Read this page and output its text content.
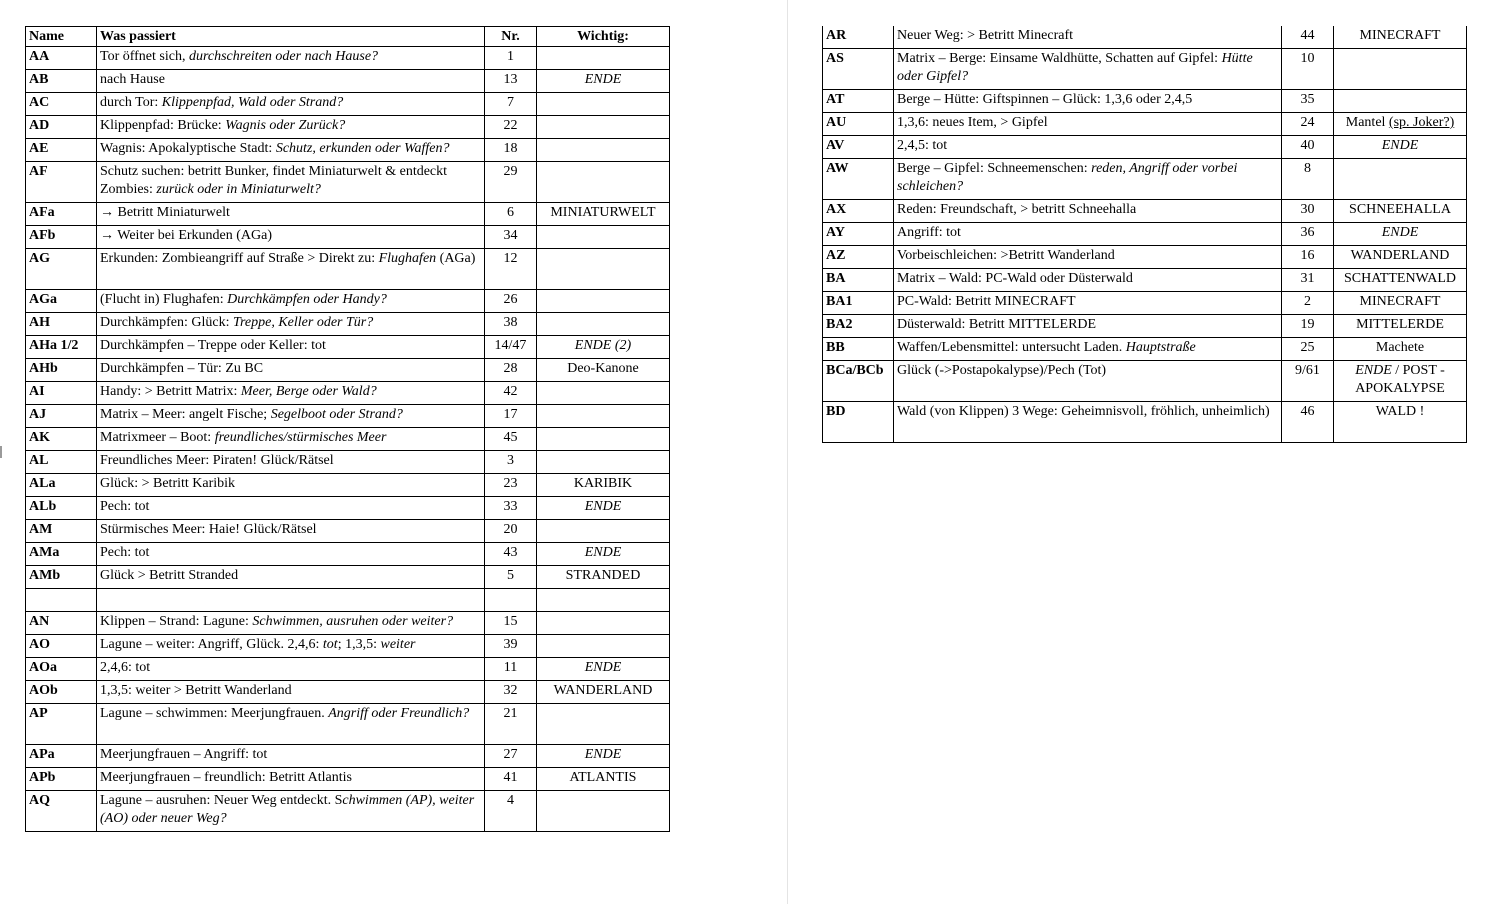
Name	Was passiert	Nr.	Wichtig:
AA	Tor öffnet sich, durchschreiten oder nach Hause?	1	
AB	nach Hause	13	ENDE
AC	durch Tor: Klippenpfad, Wald oder Strand?	7	
AD	Klippenpfad: Brücke: Wagnis oder Zurück?	22	
AE	Wagnis: Apokalyptische Stadt: Schutz, erkunden oder Waffen?	18	
AF	Schutz suchen: betritt Bunker, findet Miniaturwelt & entdeckt Zombies: zurück oder in Miniaturwelt?	29	
AFa	→ Betritt Miniaturwelt	6	MINIATURWELT
AFb	→ Weiter bei Erkunden (AGa)	34	
AG	Erkunden: Zombieangriff auf Straße > Direkt zu: Flughafen (AGa)	12	
AGa	(Flucht in) Flughafen: Durchkämpfen oder Handy?	26	
AH	Durchkämpfen: Glück: Treppe, Keller oder Tür?	38	
AHa 1/2	Durchkämpfen – Treppe oder Keller: tot	14/47	ENDE (2)
AHb	Durchkämpfen – Tür: Zu BC	28	Deo-Kanone
AI	Handy: > Betritt Matrix: Meer, Berge oder Wald?	42	
AJ	Matrix – Meer: angelt Fische; Segelboot oder Strand?	17	
AK	Matrixmeer – Boot: freundliches/stürmisches Meer	45	
AL	Freundliches Meer: Piraten! Glück/Rätsel	3	
ALa	Glück: > Betritt Karibik	23	KARIBIK
ALb	Pech: tot	33	ENDE
AM	Stürmisches Meer: Haie! Glück/Rätsel	20	
AMa	Pech: tot	43	ENDE
AMb	Glück > Betritt Stranded	5	STRANDED

AN	Klippen – Strand: Lagune: Schwimmen, ausruhen oder weiter?	15	
AO	Lagune – weiter: Angriff, Glück. 2,4,6: tot; 1,3,5: weiter	39	
AOa	2,4,6: tot	11	ENDE
AOb	1,3,5: weiter > Betritt Wanderland	32	WANDERLAND
AP	Lagune – schwimmen: Meerjungfrauen. Angriff oder Freundlich?	21	
APa	Meerjungfrauen – Angriff: tot	27	ENDE
APb	Meerjungfrauen – freundlich: Betritt Atlantis	41	ATLANTIS
AQ	Lagune – ausruhen: Neuer Weg entdeckt. Schwimmen (AP), weiter (AO) oder neuer Weg?	4	
AR	Neuer Weg: > Betritt Minecraft	44	MINECRAFT
AS	Matrix – Berge: Einsame Waldhütte, Schatten auf Gipfel: Hütte oder Gipfel?	10	
AT	Berge – Hütte: Giftspinnen – Glück: 1,3,6 oder 2,4,5	35	
AU	1,3,6: neues Item, > Gipfel	24	Mantel (sp. Joker?)
AV	2,4,5: tot	40	ENDE
AW	Berge – Gipfel: Schneemenschen: reden, Angriff oder vorbei schleichen?	8	
AX	Reden: Freundschaft, > betritt Schneehalla	30	SCHNEEHALLA
AY	Angriff: tot	36	ENDE
AZ	Vorbeischleichen: >Betritt Wanderland	16	WANDERLAND
BA	Matrix – Wald: PC-Wald oder Düsterwald	31	SCHATTENWALD
BA1	PC-Wald: Betritt MINECRAFT	2	MINECRAFT
BA2	Düsterwald: Betritt MITTELERDE	19	MITTELERDE
BB	Waffen/Lebensmittel: untersucht Laden. Hauptstraße	25	Machete
BCa/BCb	Glück (->Postapokalypse)/Pech (Tot)	9/61	ENDE / POST - APOKALYPSE
BD	Wald (von Klippen) 3 Wege: Geheimnisvoll, fröhlich, unheimlich)	46	WALD !
